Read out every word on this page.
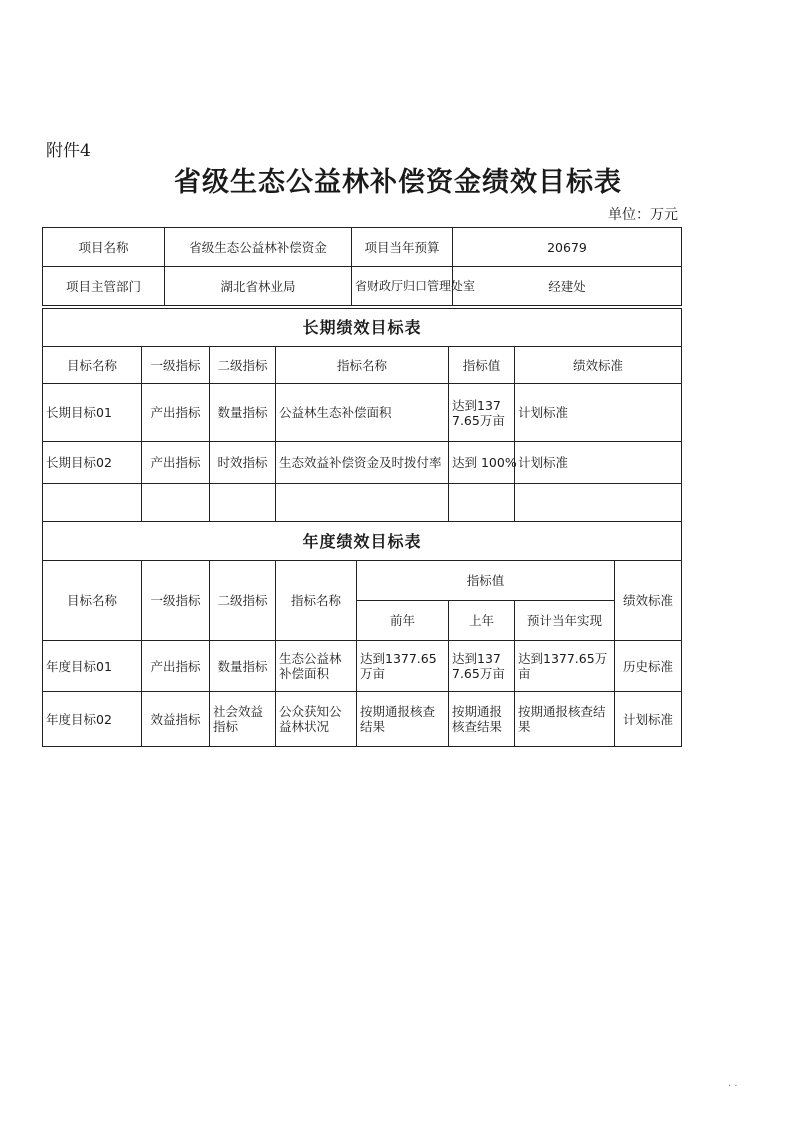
附件4
省级生态公益林补偿资金绩效目标表
单位：万元
项目名称	省级生态公益林补偿资金	项目当年预算	20679

项目主管部门	湖北省林业局	省财政厅归口管理处室	经建处
长期绩效目标表					
目标名称	一级指标	二级指标	指标名称	指标值	绩效标准
长期目标01	产出指标	数量指标	公益林生态补偿面积	达到1377.65万亩	计划标准
长期目标02	产出指标	时效指标	生态效益补偿资金及时拨付率	达到 100%	计划标准

年度绩效目标表							
目标名称	一级指标	二级指标	指标名称	指标值			绩效标准
				前年	上年	预计当年实现	
年度目标01	产出指标	数量指标	生态公益林补偿面积	达到1377.65万亩	达到1377.65万亩	达到1377.65万亩	历史标准
年度目标02	效益指标	社会效益指标	公众获知公益林状况	按期通报核查结果	按期通报核查结果	按期通报核查结果	计划标准
· ·
